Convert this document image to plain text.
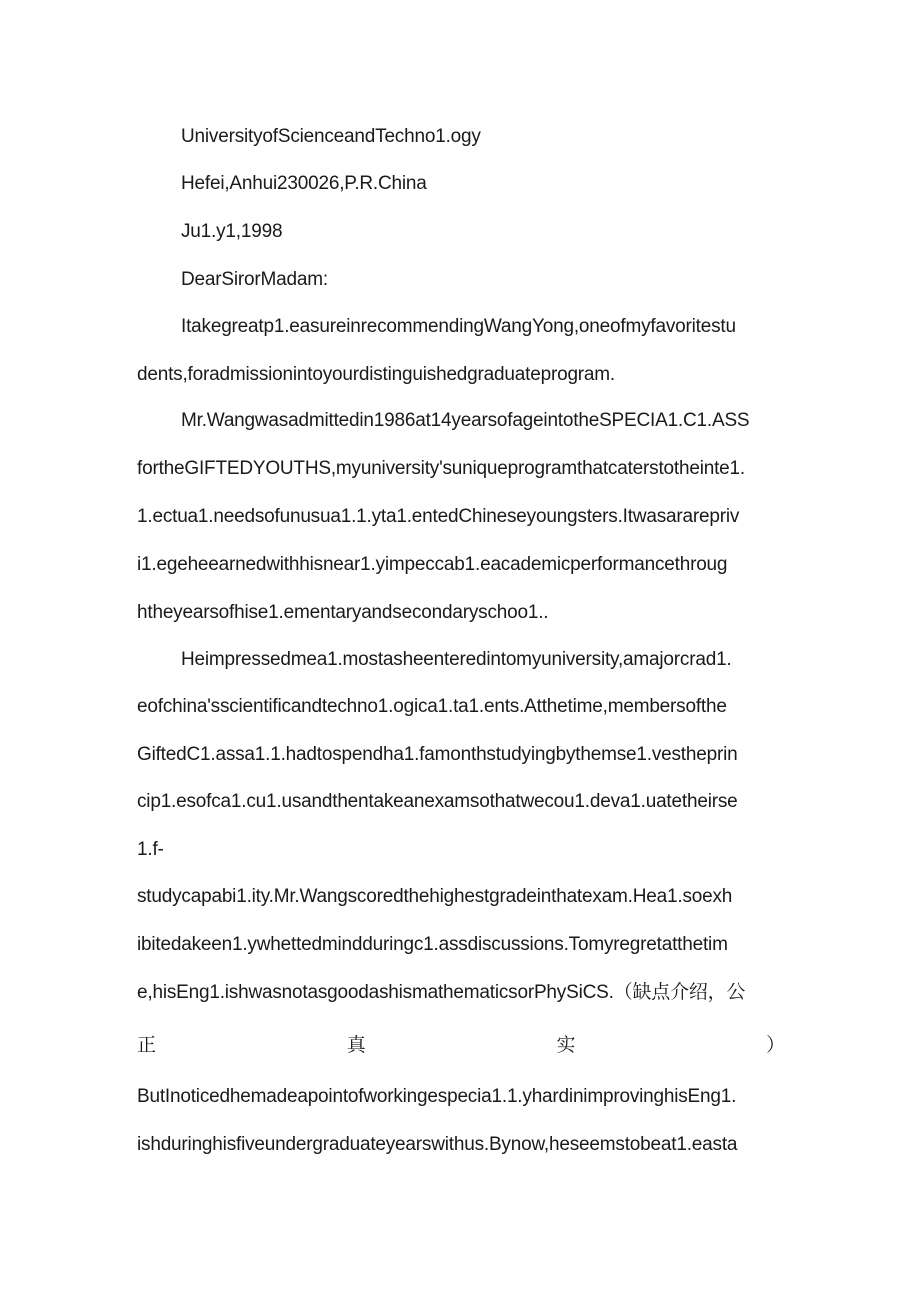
UniversityofScienceandTechno1.ogy
Hefei,Anhui230026,P.R.China
Ju1.y1,1998
DearSirorMadam:
Itakegreatp1.easureinrecommendingWangYong,oneofmyfavoritestu
dents,foradmissionintoyourdistinguishedgraduateprogram.
Mr.Wangwasadmittedin1986at14yearsofageintotheSPECIA1.C1.ASS
fortheGIFTEDYOUTHS,myuniversity'suniqueprogramthatcaterstotheinte1.
1.ectua1.needsofunusua1.1.yta1.entedChineseyoungsters.Itwasararepriv
i1.egeheearnedwithhisnear1.yimpeccab1.eacademicperformancethroug
htheyearsofhise1.ementaryandsecondaryschoo1..
Heimpressedmea1.mostasheenteredintomyuniversity,amajorcrad1.
eofchina'sscientificandtechno1.ogica1.ta1.ents.Atthetime,membersofthe
GiftedC1.assa1.1.hadtospendha1.famonthstudyingbythemse1.vestheprin
cip1.esofca1.cu1.usandthentakeanexamsothatwecou1.deva1.uatetheirse
1.f-
studycapabi1.ity.Mr.Wangscoredthehighestgradeinthatexam.Hea1.soexh
ibitedakeen1.ywhettedmindduringc1.assdiscussions.Tomyregretatthetim
e,hisEng1.ishwasnotasgoodashismathematicsorPhySiCS.（缺点介绍，公
正	真	实	）
ButInoticedhemadeapointofworkingespecia1.1.yhardinimprovinghisEng1.
ishduringhisfiveundergraduateyearswithus.Bynow,heseemstobeat1.easta
